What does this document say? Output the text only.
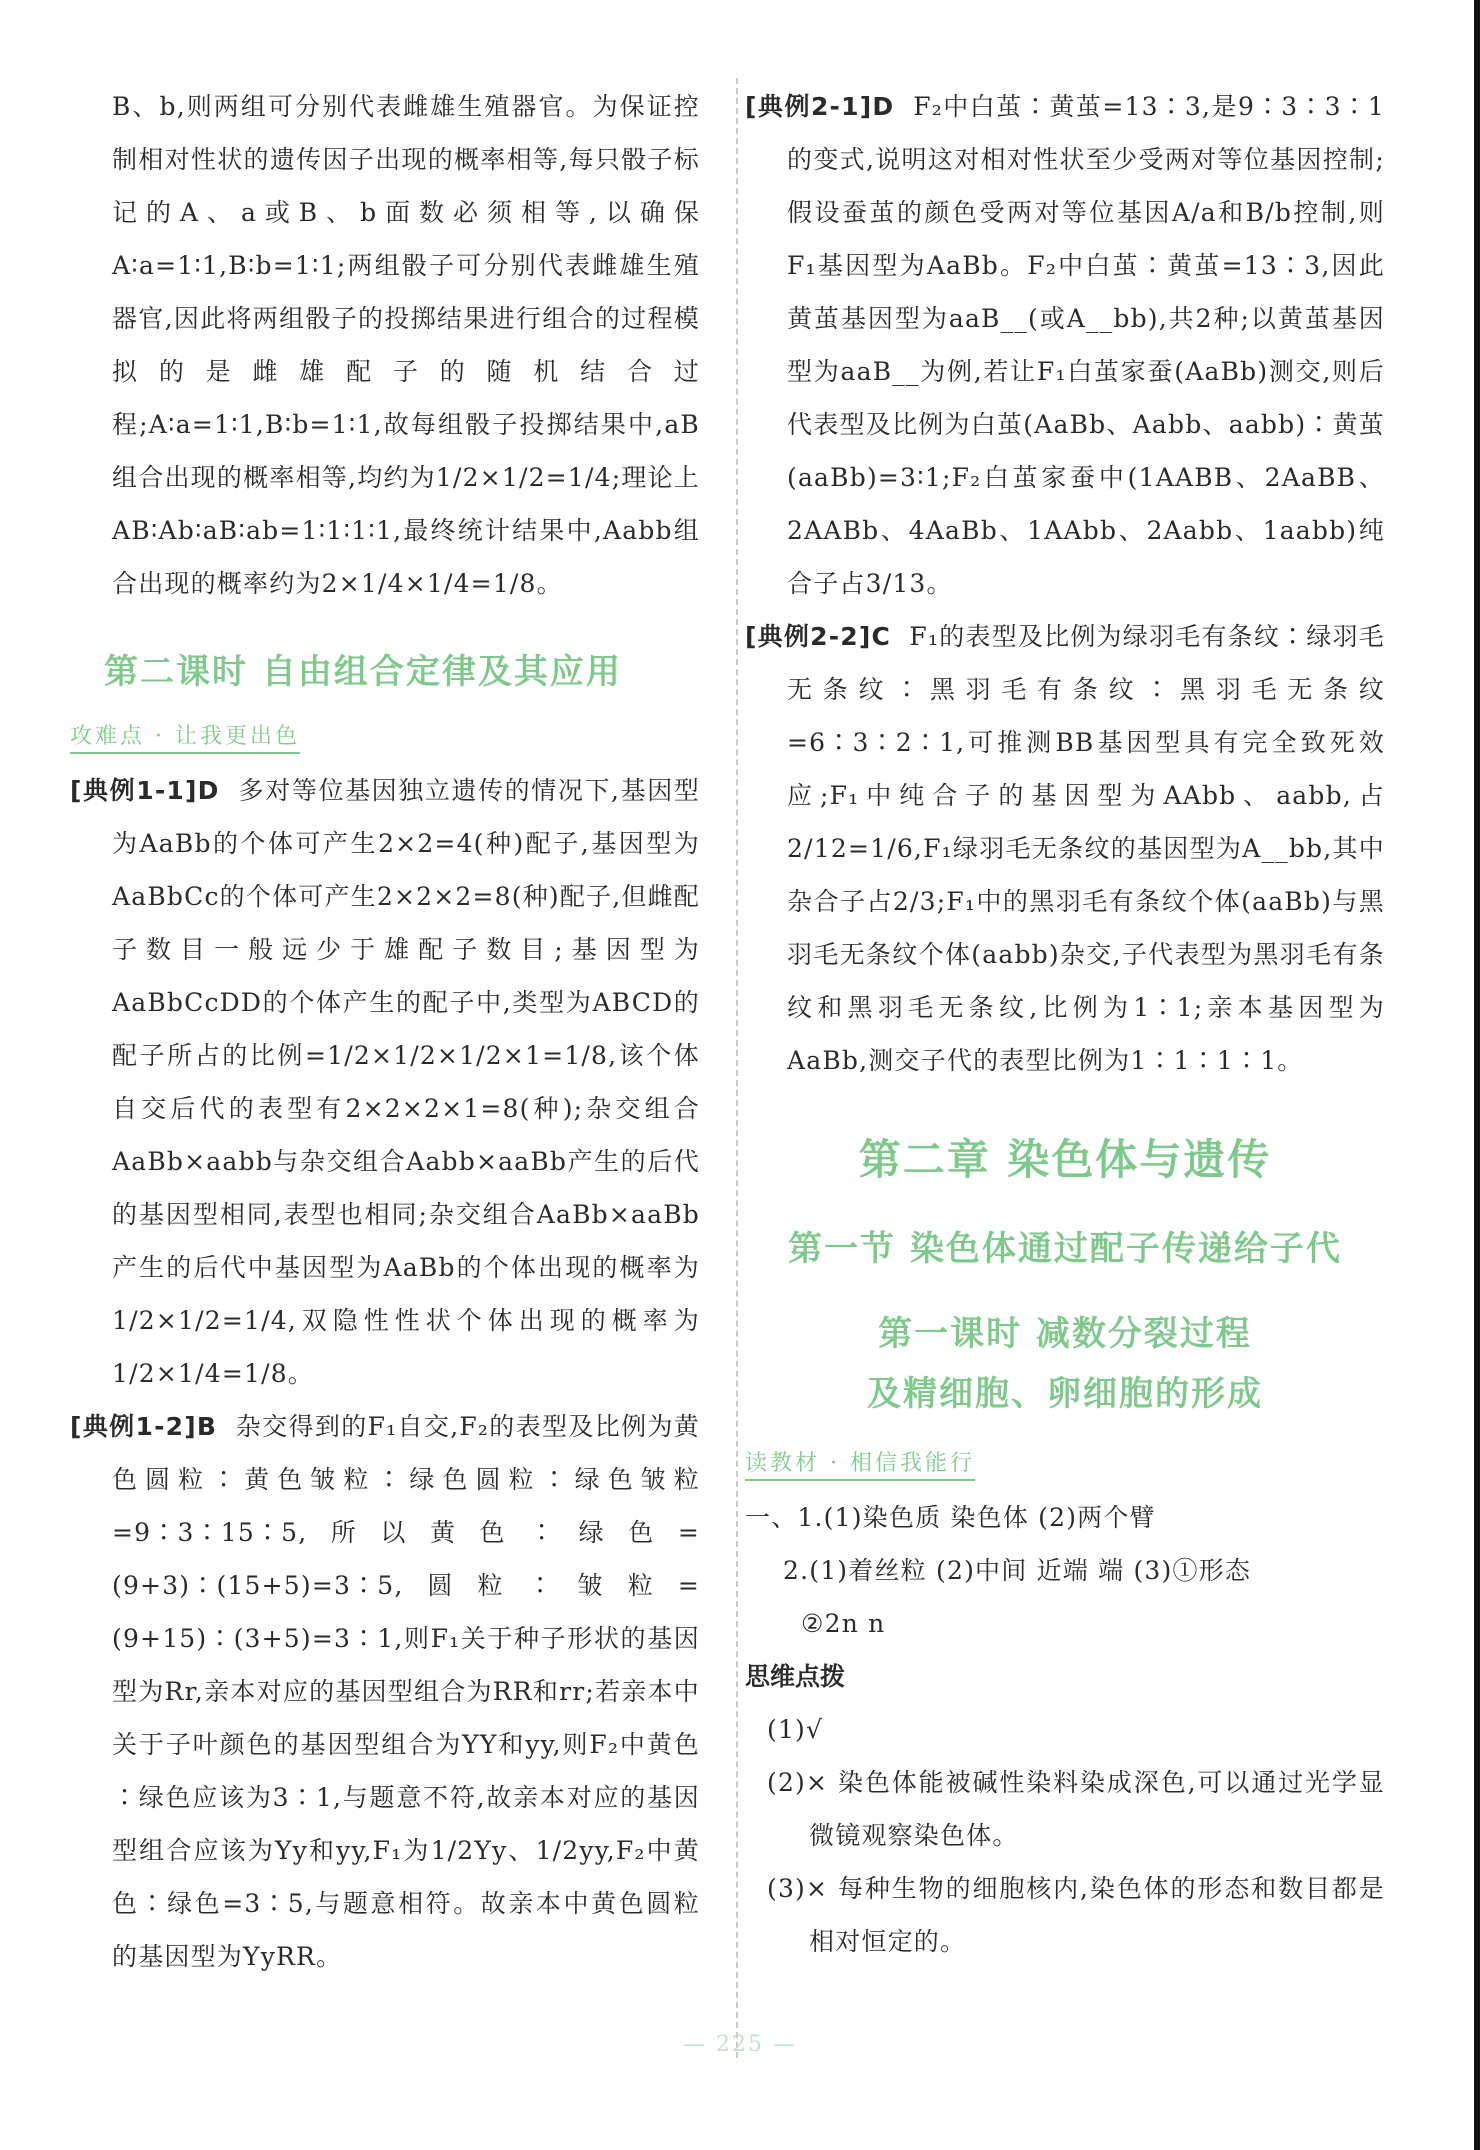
B、b,则两组可分别代表雌雄生殖器官。为保证控制相对性状的遗传因子出现的概率相等,每只骰子标记的A、a或B、b面数必须相等,以确保A∶a=1∶1,B∶b=1∶1;两组骰子可分别代表雌雄生殖器官,因此将两组骰子的投掷结果进行组合的过程模拟的是雌雄配子的随机结合过程;A∶a=1∶1,B∶b=1∶1,故每组骰子投掷结果中,aB组合出现的概率相等,均约为1/2×1/2=1/4;理论上AB∶Ab∶aB∶ab=1∶1∶1∶1,最终统计结果中,Aabb组合出现的概率约为2×1/4×1/4=1/8。

第二课时 自由组合定律及其应用
攻难点 · 让我更出色

[典例1-1]D 多对等位基因独立遗传的情况下,基因型为AaBb的个体可产生2×2=4(种)配子,基因型为AaBbCc的个体可产生2×2×2=8(种)配子,但雌配子数目一般远少于雄配子数目;基因型为AaBbCcDD的个体产生的配子中,类型为ABCD的配子所占的比例=1/2×1/2×1/2×1=1/8,该个体自交后代的表型有2×2×2×1=8(种);杂交组合AaBb×aabb与杂交组合Aabb×aaBb产生的后代的基因型相同,表型也相同;杂交组合AaBb×aaBb产生的后代中基因型为AaBb的个体出现的概率为1/2×1/2=1/4,双隐性性状个体出现的概率为1/2×1/4=1/8。

[典例1-2]B 杂交得到的F₁自交,F₂的表型及比例为黄色圆粒∶黄色皱粒∶绿色圆粒∶绿色皱粒=9∶3∶15∶5,所以黄色∶绿色=(9+3)∶(15+5)=3∶5,圆粒∶皱粒=(9+15)∶(3+5)=3∶1,则F₁关于种子形状的基因型为Rr,亲本对应的基因型组合为RR和rr;若亲本中关于子叶颜色的基因型组合为YY和yy,则F₂中黄色∶绿色应该为3∶1,与题意不符,故亲本对应的基因型组合应该为Yy和yy,F₁为1/2Yy、1/2yy,F₂中黄色∶绿色=3∶5,与题意相符。故亲本中黄色圆粒的基因型为YyRR。

[典例2-1]D F₂中白茧∶黄茧=13∶3,是9∶3∶3∶1的变式,说明这对相对性状至少受两对等位基因控制;假设蚕茧的颜色受两对等位基因A/a和B/b控制,则F₁基因型为AaBb。F₂中白茧∶黄茧=13∶3,因此黄茧基因型为aaB__(或A__bb),共2种;以黄茧基因型为aaB__为例,若让F₁白茧家蚕(AaBb)测交,则后代表型及比例为白茧(AaBb、Aabb、aabb)∶黄茧(aaBb)=3∶1;F₂白茧家蚕中(1AABB、2AaBB、2AABb、4AaBb、1AAbb、2Aabb、1aabb)纯合子占3/13。

[典例2-2]C F₁的表型及比例为绿羽毛有条纹∶绿羽毛无条纹∶黑羽毛有条纹∶黑羽毛无条纹=6∶3∶2∶1,可推测BB基因型具有完全致死效应;F₁中纯合子的基因型为AAbb、aabb,占2/12=1/6,F₁绿羽毛无条纹的基因型为A__bb,其中杂合子占2/3;F₁中的黑羽毛有条纹个体(aaBb)与黑羽毛无条纹个体(aabb)杂交,子代表型为黑羽毛有条纹和黑羽毛无条纹,比例为1∶1;亲本基因型为AaBb,测交子代的表型比例为1∶1∶1∶1。

第二章 染色体与遗传
第一节 染色体通过配子传递给子代
第一课时 减数分裂过程
及精细胞、卵细胞的形成
读教材 · 相信我能行

一、1.(1)染色质 染色体 (2)两个臂

2.(1)着丝粒 (2)中间 近端 端 (3)①形态

②2n n

思维点拨

(1)√

(2)× 染色体能被碱性染料染成深色,可以通过光学显微镜观察染色体。

(3)× 每种生物的细胞核内,染色体的形态和数目都是相对恒定的。

— 225 —
